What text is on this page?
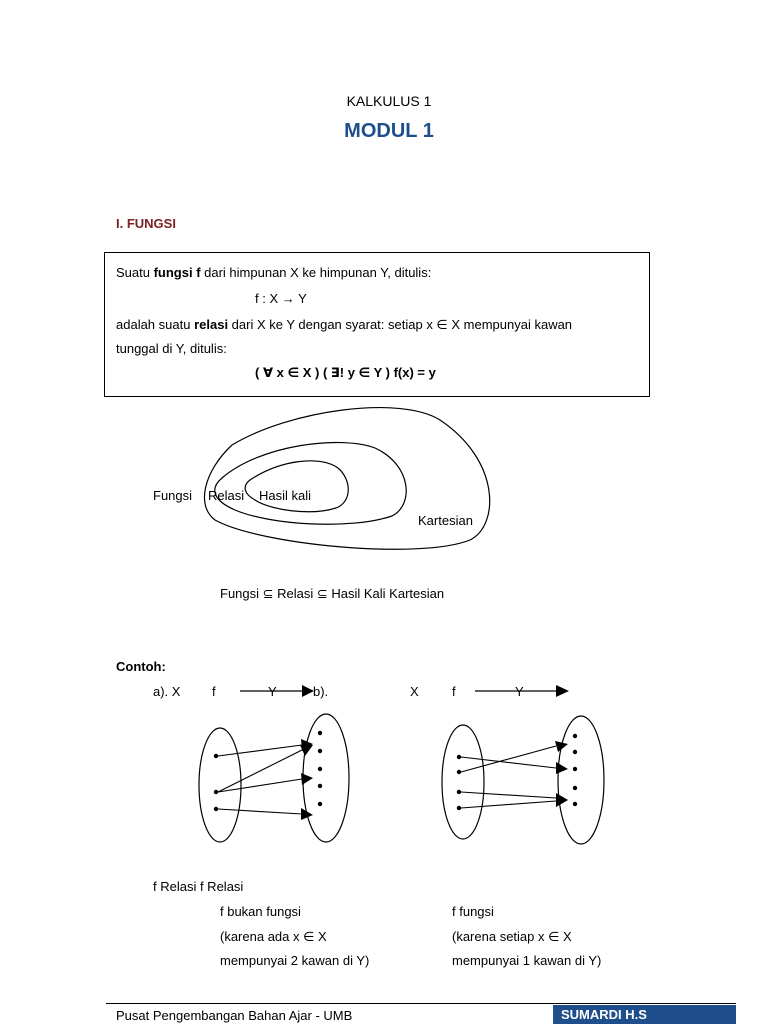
KALKULUS 1
MODUL 1
I. FUNGSI
Suatu fungsi f dari himpunan X ke himpunan Y, ditulis:
f : X → Y
adalah suatu relasi dari X ke Y dengan syarat: setiap x ∈ X mempunyai kawan
tunggal di Y, ditulis:
( ∀ x ∈ X ) ( ∃! y ∈ Y ) f(x) = y
Fungsi Relasi Hasil kali
Kartesian
Fungsi ⊆ Relasi ⊆ Hasil Kali Kartesian
Contoh:
a). X f	Y	b).	X	f	Y
f Relasi f Relasi
f bukan fungsi
(karena ada x ∈ X
mempunyai 2 kawan di Y)
f fungsi
(karena setiap x ∈ X
mempunyai 1 kawan di Y)
Pusat Pengembangan Bahan Ajar - UMB	SUMARDI H.S
